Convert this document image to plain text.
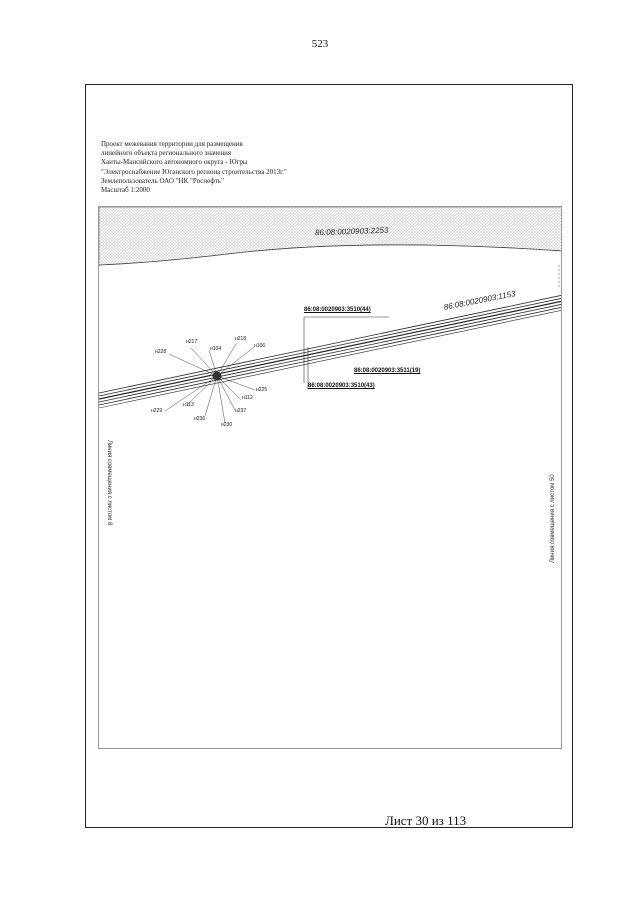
523
Проект межевания территории для размещения
линейного объекта регионального значения
Ханты-Мансийского автономного округа - Югры
"Электроснабжение Юганского региона строительства 2013г."
Землепользователь ОАО "НК "Роснефть"
Масштаб 1:2000
86:08:0020903:2253
86:08:0020903:1153
86:08:0020903:3510(44)
86:08:0020903:3511(19)
86:08:0020903:3510(43)
н217
н104
н218
н106
н228
н225
н112
н237
н230
н236
н113
н229
Линия совмещения с листом 8	Линия совмещения с листом 50
Лист 30 из 113
